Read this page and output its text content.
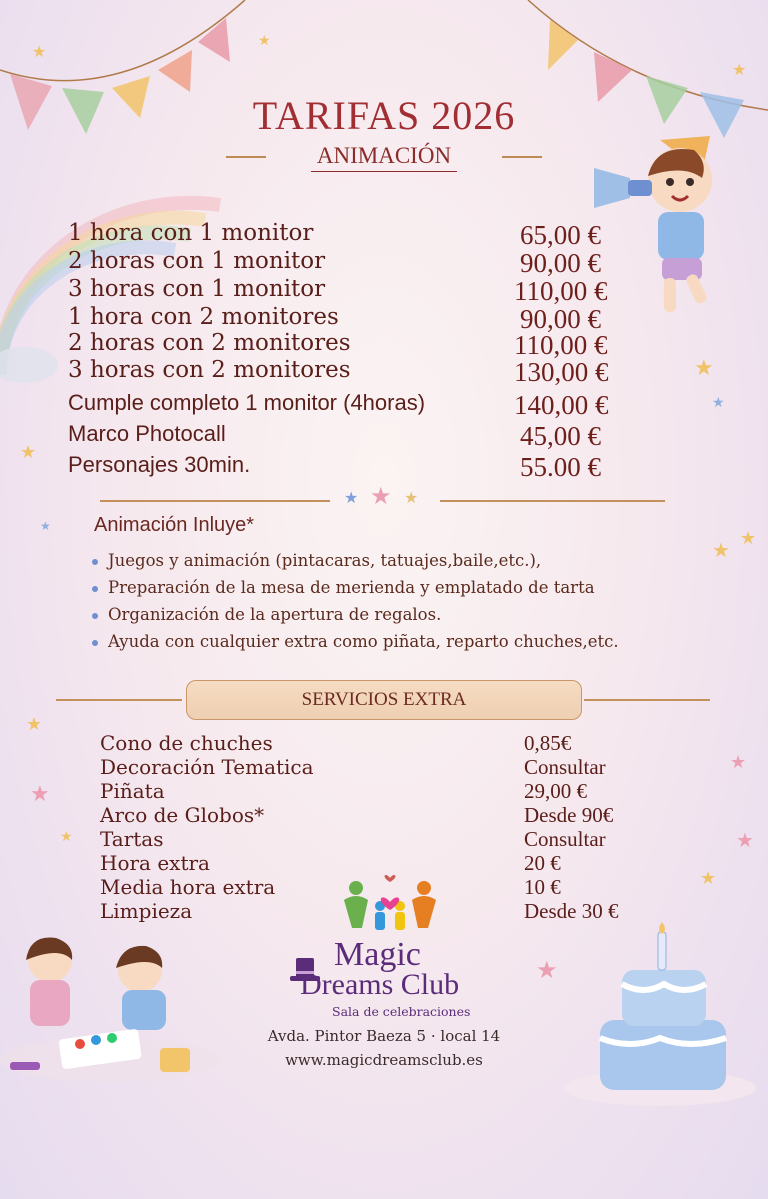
TARIFAS 2026
ANIMACIÓN
1 hora con 1 monitor	65,00 €
2 horas con 1 monitor	90,00 €
3 horas con 1 monitor	110,00 €
1 hora con 2 monitores	90,00 €
2 horas con 2 monitores	110,00 €
3 horas con 2 monitores	130,00 €
Cumple completo 1 monitor (4horas)	140,00 €
Marco Photocall	45,00 €
Personajes 30min.	55.00 €
★ ★ ★
Animación Inluye*
Juegos y animación (pintacaras, tatuajes,baile,etc.),
Preparación de la mesa de merienda y emplatado de tarta
Organización de la apertura de regalos.
Ayuda con cualquier extra como piñata, reparto chuches,etc.
SERVICIOS EXTRA
Cono de chuches	0,85€
Decoración Tematica	Consultar
Piñata	29,00 €
Arco de Globos*	Desde 90€
Tartas	Consultar
Hora extra	20 €
Media hora extra	10 €
Limpieza	Desde 30 €
Magic
Dreams Club
Sala de celebraciones
Avda. Pintor Baeza 5 · local 14
www.magicdreamsclub.es
★
★
★
★
★
★
★
★
★
★
★
★
★
★
★
★
